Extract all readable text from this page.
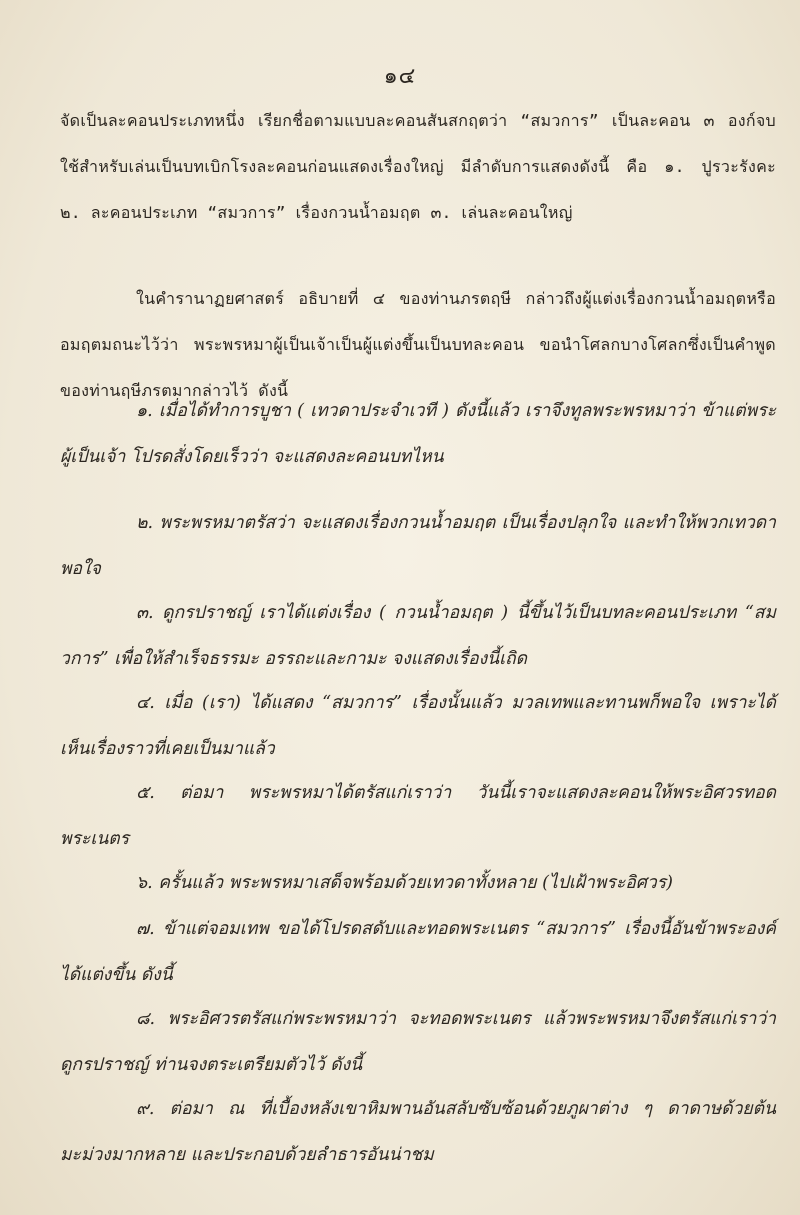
๑๔

จัดเป็นละคอนประเภทหนึ่ง เรียกชื่อตามแบบละคอนสันสกฤตว่า “สมวการ” เป็นละคอน ๓ องก์จบ ใช้สำหรับเล่นเป็นบทเบิกโรงละคอนก่อนแสดงเรื่องใหญ่ มีลำดับการแสดงดังนี้ คือ ๑. ปูรวะรังคะ ๒. ละคอนประเภท “สมวการ” เรื่องกวนน้ำอมฤต ๓. เล่นละคอนใหญ่

ในคำรานาฏยศาสตร์ อธิบายที่ ๔ ของท่านภรตฤษี กล่าวถึงผู้แต่งเรื่องกวนน้ำอมฤตหรืออมฤตมถนะไว้ว่า พระพรหมาผู้เป็นเจ้าเป็นผู้แต่งขึ้นเป็นบทละคอน ขอนำโศลกบางโศลกซึ่งเป็นคำพูดของท่านฤษีภรตมากล่าวไว้ ดังนี้

๑. เมื่อได้ทำการบูชา ( เทวดาประจำเวที ) ดังนี้แล้ว เราจึงทูลพระพรหมาว่า ข้าแต่พระผู้เป็นเจ้า โปรดสั่งโดยเร็วว่า จะแสดงละคอนบทไหน

๒. พระพรหมาตรัสว่า จะแสดงเรื่องกวนน้ำอมฤต เป็นเรื่องปลุกใจ และทำให้พวกเทวดาพอใจ

๓. ดูกรปราชญ์ เราได้แต่งเรื่อง ( กวนน้ำอมฤต ) นี้ขึ้นไว้เป็นบทละคอนประเภท “สมวการ” เพื่อให้สำเร็จธรรมะ อรรถะและกามะ จงแสดงเรื่องนี้เถิด

๔. เมื่อ (เรา) ได้แสดง “สมวการ” เรื่องนั้นแล้ว มวลเทพและทานพก็พอใจ เพราะได้เห็นเรื่องราวที่เคยเป็นมาแล้ว

๕. ต่อมา พระพรหมาได้ตรัสแก่เราว่า วันนี้เราจะแสดงละคอนให้พระอิศวรทอดพระเนตร

๖. ครั้นแล้ว พระพรหมาเสด็จพร้อมด้วยเทวดาทั้งหลาย (ไปเฝ้าพระอิศวร)

๗. ข้าแต่จอมเทพ ขอได้โปรดสดับและทอดพระเนตร “สมวการ” เรื่องนี้อันข้าพระองค์ได้แต่งขึ้น ดังนี้

๘. พระอิศวรตรัสแก่พระพรหมาว่า จะทอดพระเนตร แล้วพระพรหมาจึงตรัสแก่เราว่า ดูกรปราชญ์ ท่านจงตระเตรียมตัวไว้ ดังนี้

๙. ต่อมา ณ ที่เบื้องหลังเขาหิมพานอันสลับซับซ้อนด้วยภูผาต่าง ๆ ดาดาษด้วยต้นมะม่วงมากหลาย และประกอบด้วยลำธารอันน่าชม
